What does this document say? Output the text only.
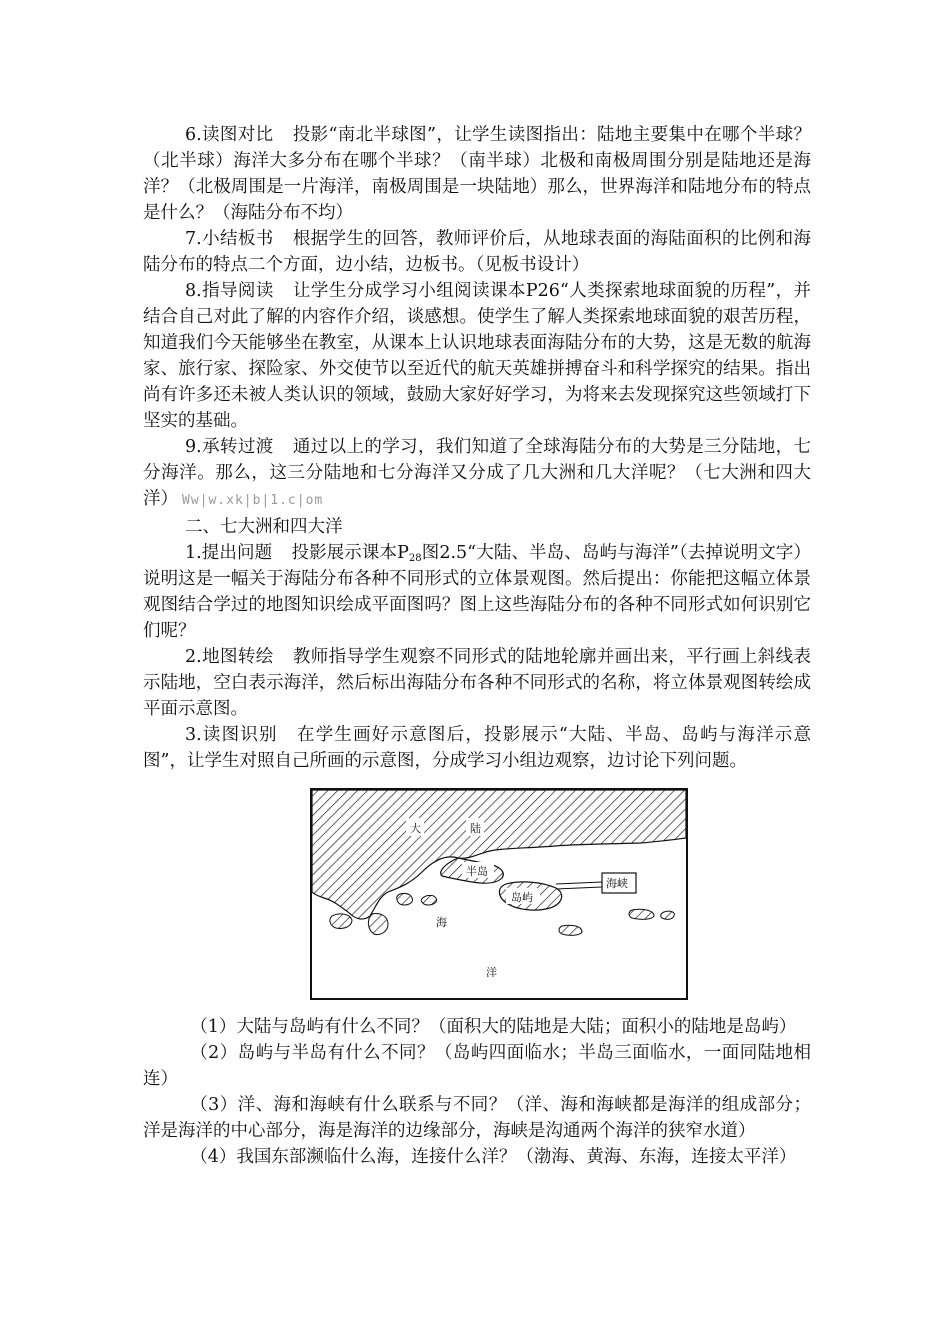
6.读图对比 投影“南北半球图”，让学生读图指出：陆地主要集中在哪个半球？（北半球）海洋大多分布在哪个半球？（南半球）北极和南极周围分别是陆地还是海洋？（北极周围是一片海洋，南极周围是一块陆地）那么，世界海洋和陆地分布的特点是什么？（海陆分布不均）

7.小结板书 根据学生的回答，教师评价后，从地球表面的海陆面积的比例和海陆分布的特点二个方面，边小结，边板书。（见板书设计）

8.指导阅读 让学生分成学习小组阅读课本P26“人类探索地球面貌的历程”，并结合自己对此了解的内容作介绍，谈感想。使学生了解人类探索地球面貌的艰苦历程，知道我们今天能够坐在教室，从课本上认识地球表面海陆分布的大势，这是无数的航海家、旅行家、探险家、外交使节以至近代的航天英雄拼搏奋斗和科学探究的结果。指出尚有许多还未被人类认识的领域，鼓励大家好好学习，为将来去发现探究这些领域打下坚实的基础。

9.承转过渡 通过以上的学习，我们知道了全球海陆分布的大势是三分陆地，七分海洋。那么，这三分陆地和七分海洋又分成了几大洲和几大洋呢？（七大洲和四大洋） Ww|w.xk|b|1.c|om

二、七大洲和四大洋

1.提出问题 投影展示课本$P_{28}$图2.5“大陆、半岛、岛屿与海洋”（去掉说明文字）说明这是一幅关于海陆分布各种不同形式的立体景观图。然后提出：你能把这幅立体景观图结合学过的地图知识绘成平面图吗？图上这些海陆分布的各种不同形式如何识别它们呢？

2.地图转绘 教师指导学生观察不同形式的陆地轮廓并画出来，平行画上斜线表示陆地，空白表示海洋，然后标出海陆分布各种不同形式的名称，将立体景观图转绘成平面示意图。

3.读图识别 在学生画好示意图后，投影展示“大陆、半岛、岛屿与海洋示意图”，让学生对照自己所画的示意图，分成学习小组边观察，边讨论下列问题。

大	陆
半岛
岛屿
海峡
海
洋

（1）大陆与岛屿有什么不同？（面积大的陆地是大陆；面积小的陆地是岛屿）

（2）岛屿与半岛有什么不同？（岛屿四面临水；半岛三面临水，一面同陆地相连）

（3）洋、海和海峡有什么联系与不同？（洋、海和海峡都是海洋的组成部分；洋是海洋的中心部分，海是海洋的边缘部分，海峡是沟通两个海洋的狭窄水道）

（4）我国东部濒临什么海，连接什么洋？（渤海、黄海、东海，连接太平洋）
